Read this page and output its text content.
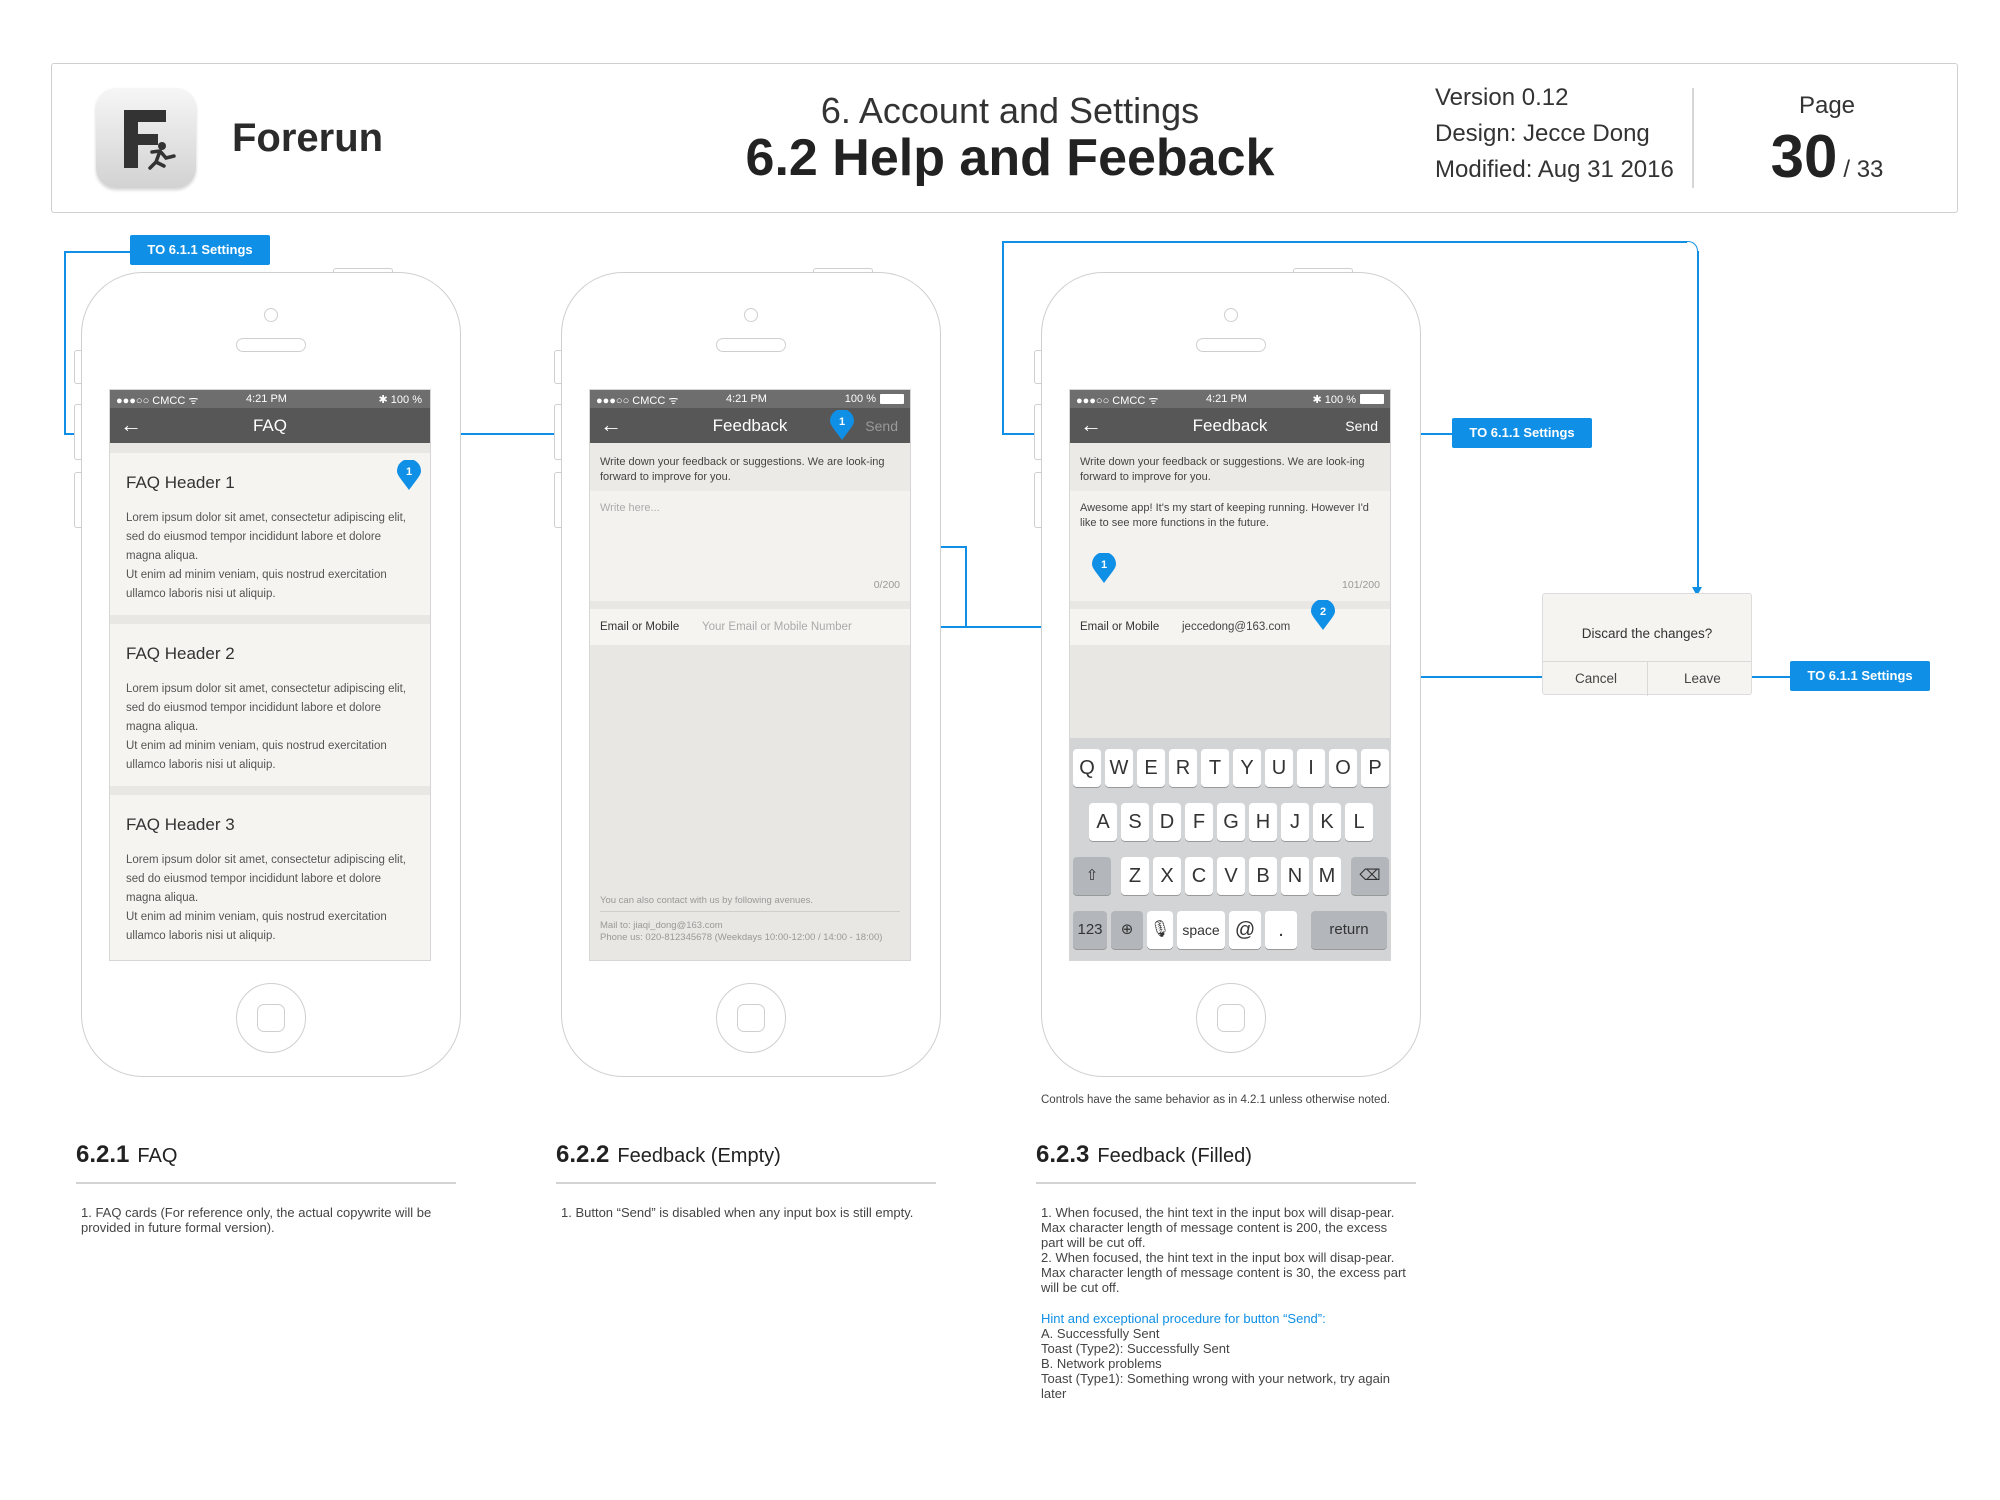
Forerun
6. Account and Settings
6.2 Help and Feeback
Version 0.12
Design: Jecce Dong
Modified: Aug 31 2016
Page
30 / 33
●●●○○ CMCC ᯤ	4:21 PM	✱ 100 %
←	FAQ
FAQ Header 1

Lorem ipsum dolor sit amet, consectetur adipiscing elit, sed do eiusmod tempor incididunt labore et dolore magna aliqua.
Ut enim ad minim veniam, quis nostrud exercitation ullamco laboris nisi ut aliquip.

FAQ Header 2

Lorem ipsum dolor sit amet, consectetur adipiscing elit, sed do eiusmod tempor incididunt labore et dolore magna aliqua.
Ut enim ad minim veniam, quis nostrud exercitation ullamco laboris nisi ut aliquip.

FAQ Header 3

Lorem ipsum dolor sit amet, consectetur adipiscing elit, sed do eiusmod tempor incididunt labore et dolore magna aliqua.
Ut enim ad minim veniam, quis nostrud exercitation ullamco laboris nisi ut aliquip.

●●●○○ CMCC ᯤ	4:21 PM	100 %
←	Feedback	Send
Write down your feedback or suggestions. We are look-ing forward to improve for you.
Write here...
0/200
Email or Mobile Your Email or Mobile Number
You can also contact with us by following avenues.
Mail to: jiaqi_dong@163.com
Phone us: 020-812345678 (Weekdays 10:00-12:00 / 14:00 - 18:00)
●●●○○ CMCC ᯤ	4:21 PM	✱ 100 %
←	Feedback	Send
Write down your feedback or suggestions. We are look-ing forward to improve for you.
Awesome app! It's my start of keeping running. However I'd like to see more functions in the future.
101/200
Email or Mobile jeccedong@163.com
Q W E R T Y U	I	O P
A S D F G H J	K L
Z X C V B N M
⇧	⌫
123	⊕	🎙 space @	.	return
1
1
1
2
TO 6.1.1 Settings
TO 6.1.1 Settings
TO 6.1.1 Settings
Discard the changes?
Cancel	Leave
Controls have the same behavior as in 4.2.1 unless otherwise noted.
6.2.1 FAQ
1. FAQ cards (For reference only, the actual copywrite will be provided in future formal version).
6.2.2 Feedback (Empty)
1. Button “Send” is disabled when any input box is still empty.
6.2.3 Feedback (Filled)
1. When focused, the hint text in the input box will disap-pear. Max character length of message content is 200, the excess part will be cut off.
2. When focused, the hint text in the input box will disap-pear. Max character length of message content is 30, the excess part will be cut off.
Hint and exceptional procedure for button “Send”:
A. Successfully Sent
Toast (Type2): Successfully Sent
B. Network problems
Toast (Type1): Something wrong with your network, try again later
